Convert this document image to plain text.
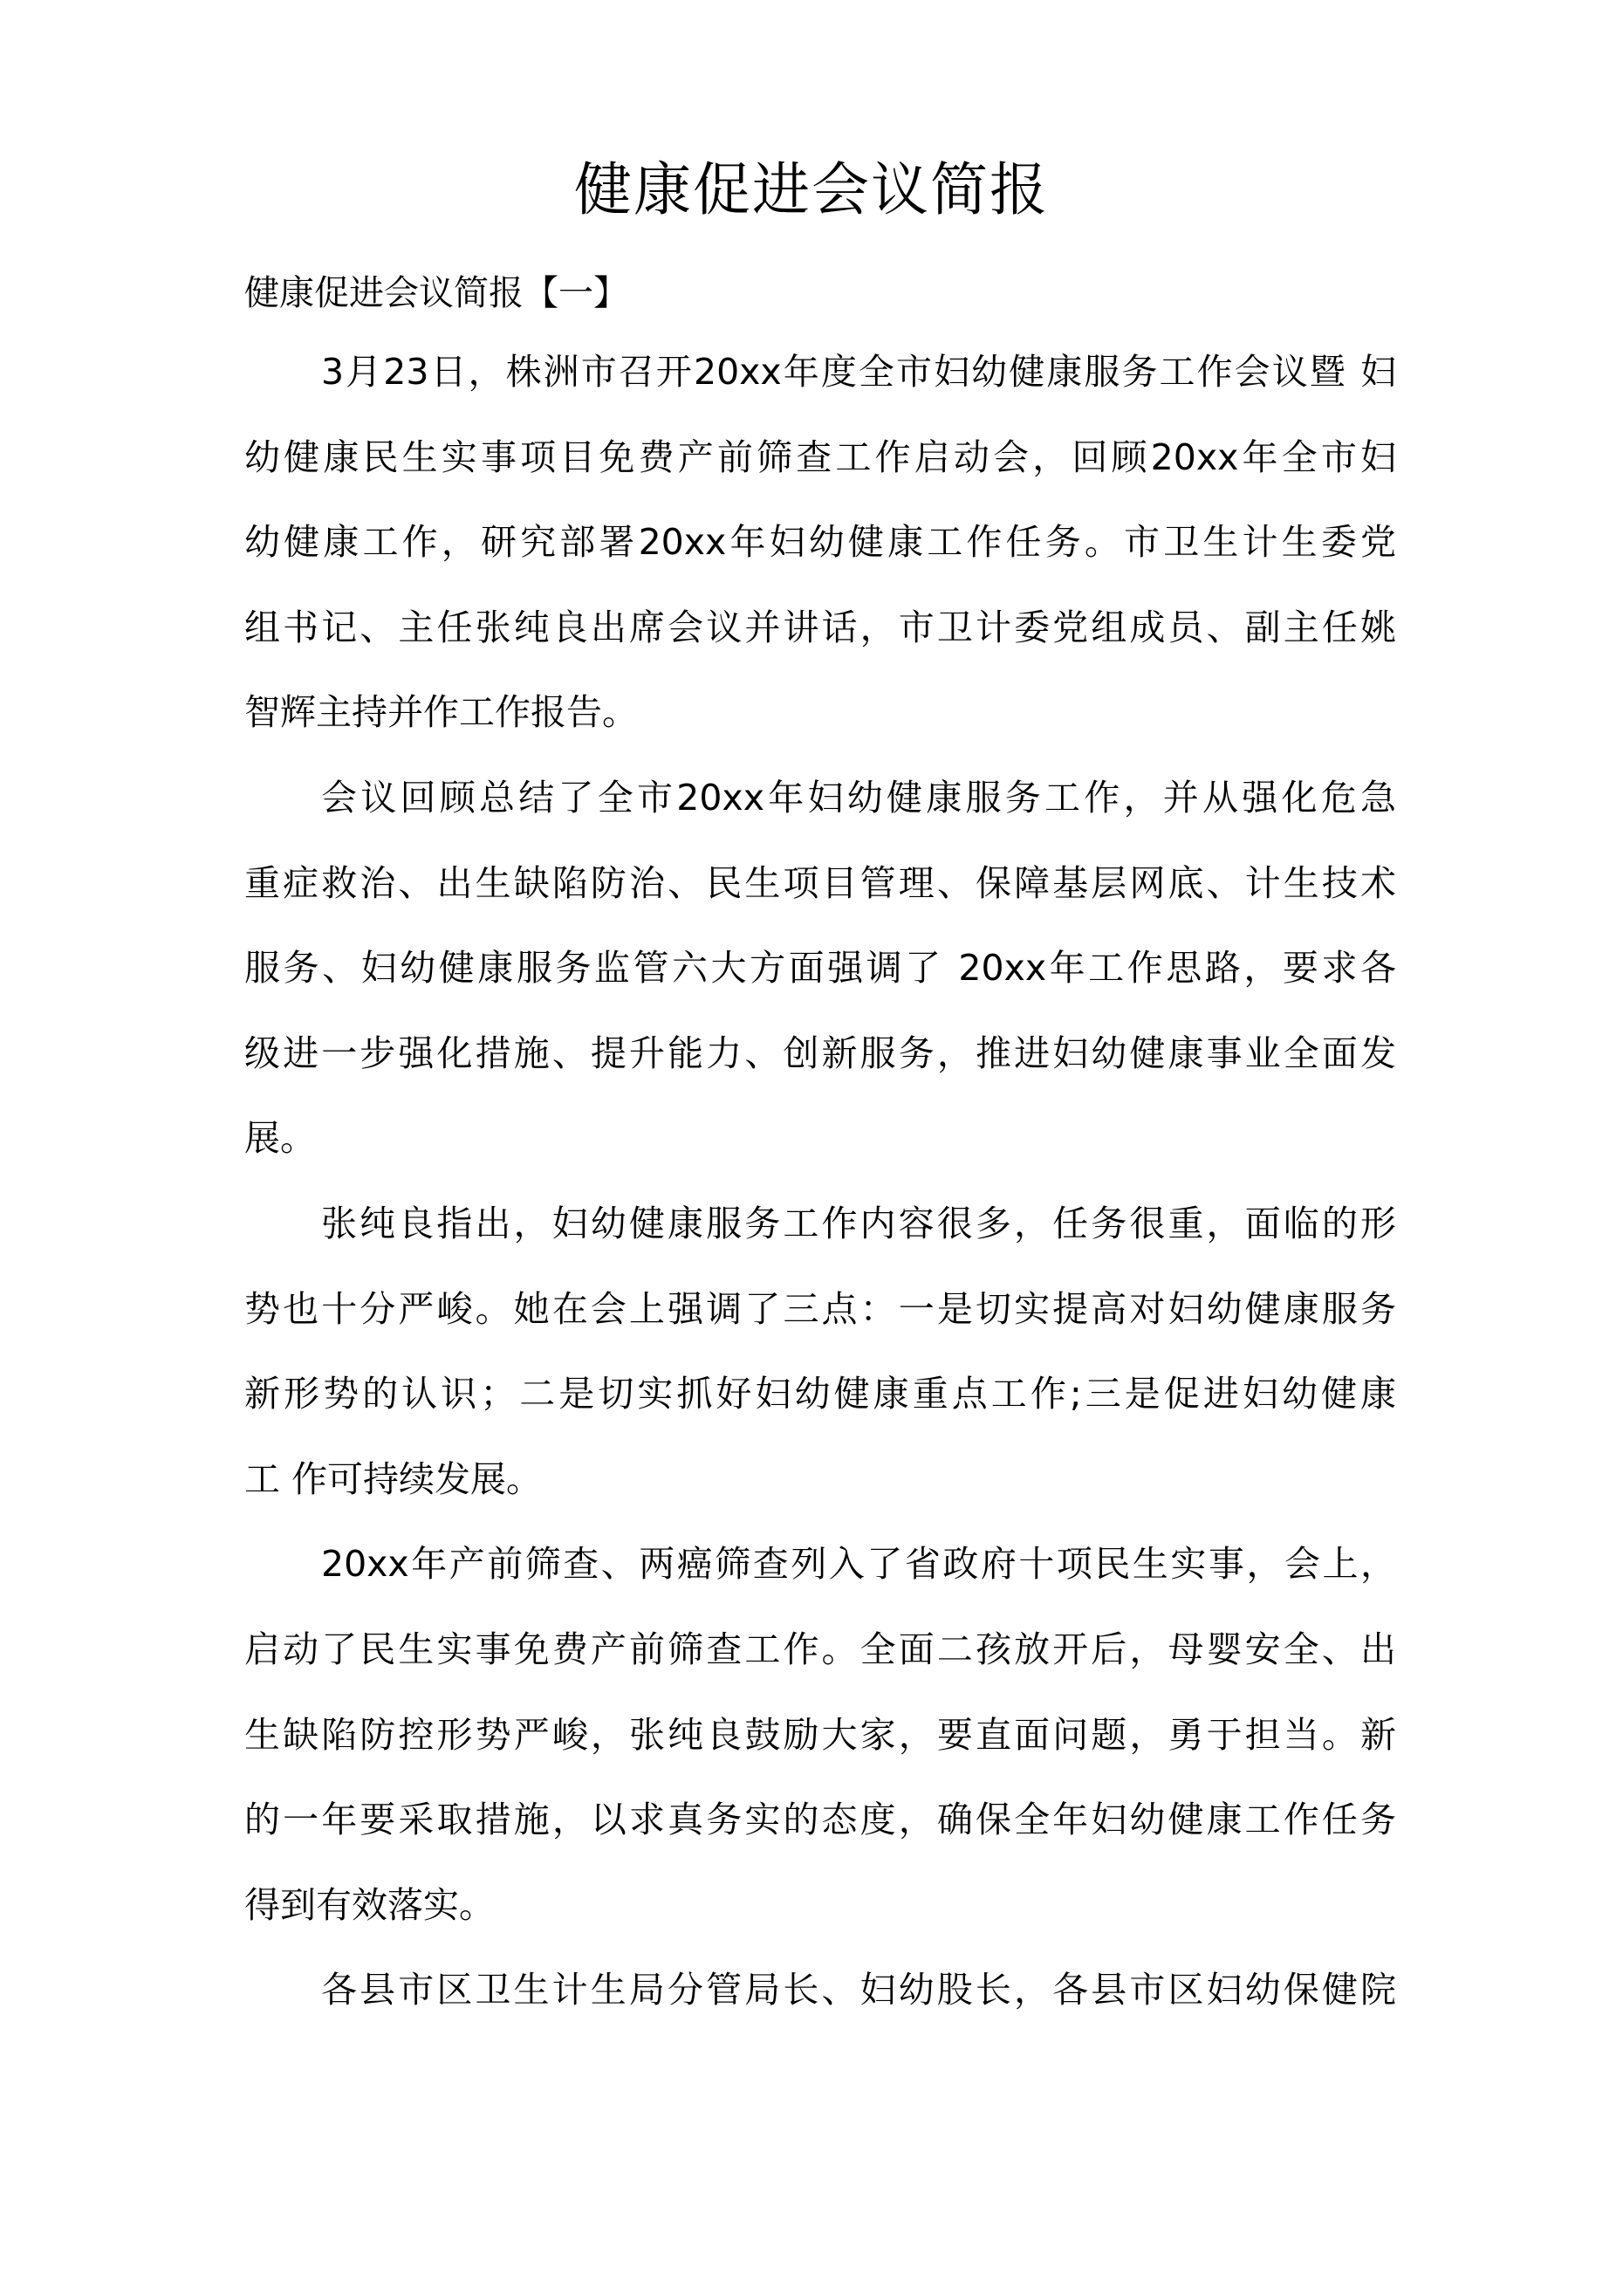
健康促进会议简报
健康促进会议简报【一】
3月23日，株洲市召开20xx年度全市妇幼健康服务工作会议暨 妇
幼健康民生实事项目免费产前筛查工作启动会，回顾20xx年全市妇
幼健康工作，研究部署20xx年妇幼健康工作任务。市卫生计生委党
组书记、主任张纯良出席会议并讲话，市卫计委党组成员、副主任姚
智辉主持并作工作报告。
会议回顾总结了全市20xx年妇幼健康服务工作，并从强化危急
重症救治、出生缺陷防治、民生项目管理、保障基层网底、计生技术
服务、妇幼健康服务监管六大方面强调了 20xx年工作思路，要求各
级进一步强化措施、提升能力、创新服务，推进妇幼健康事业全面发
展。
张纯良指出，妇幼健康服务工作内容很多，任务很重，面临的形
势也十分严峻。她在会上强调了三点：一是切实提高对妇幼健康服务
新形势的认识；二是切实抓好妇幼健康重点工作;三是促进妇幼健康
工 作可持续发展。
20xx年产前筛查、两癌筛查列入了省政府十项民生实事，会上，
启动了民生实事免费产前筛查工作。全面二孩放开后，母婴安全、出
生缺陷防控形势严峻，张纯良鼓励大家，要直面问题，勇于担当。新
的一年要采取措施，以求真务实的态度，确保全年妇幼健康工作任务
得到有效落实。
各县市区卫生计生局分管局长、妇幼股长，各县市区妇幼保健院
